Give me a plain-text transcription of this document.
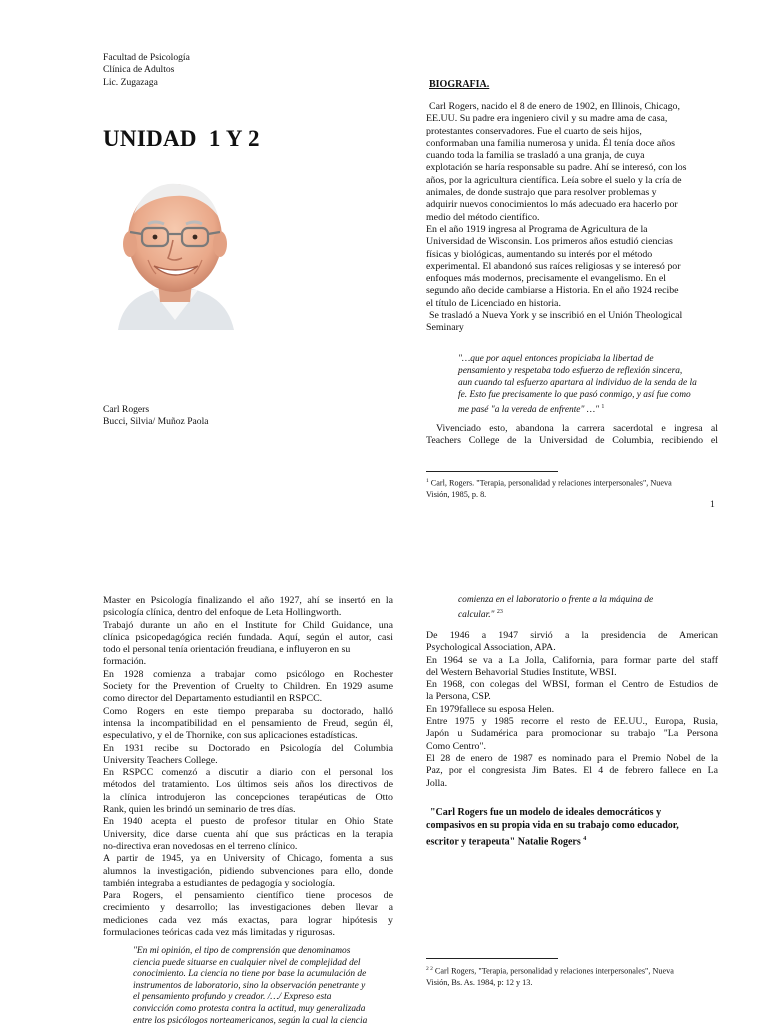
Facultad de Psicología
Clínica de Adultos
Lic. Zugazaga
UNIDAD  1 Y 2
Carl Rogers
Bucci, Silvia/ Muñoz Paola
BIOGRAFIA.
Carl Rogers, nacido el 8 de enero de 1902, en Illinois, Chicago,
EE.UU. Su padre era ingeniero civil y su madre ama de casa,
protestantes conservadores. Fue el cuarto de seis hijos,
conformaban una familia numerosa y unida. Él tenía doce años
cuando toda la familia se trasladó a una granja, de cuya
explotación se haría responsable su padre. Ahí se interesó, con los
años, por la agricultura científica. Leía sobre el suelo y la cría de
animales, de donde sustrajo que para resolver problemas y
adquirir nuevos conocimientos lo más adecuado era hacerlo por
medio del método científico.
En el año 1919 ingresa al Programa de Agricultura de la
Universidad de Wisconsin. Los primeros años estudió ciencias
físicas y biológicas, aumentando su interés por el método
experimental. El abandonó sus raíces religiosas y se interesó por
enfoques más modernos, precisamente el evangelismo. En el
segundo año decide cambiarse a Historia. En el año 1924 recibe
el título de Licenciado en historia.
Se trasladó a Nueva York y se inscribió en el Unión Theological
Seminary
"…que por aquel entonces propiciaba la libertad de
pensamiento y respetaba todo esfuerzo de reflexión sincera,
aun cuando tal esfuerzo apartara al individuo de la senda de la
fe. Esto fue precisamente lo que pasó conmigo, y así fue como
me pasé "a la vereda de enfrente" …" $^1$
Vivenciado esto, abandona la carrera sacerdotal e ingresa al
Teachers College de la Universidad de Columbia, recibiendo el
$^1$ Carl, Rogers. "Terapia, personalidad y relaciones interpersonales", Nueva
Visión, 1985, p. 8.
1
Master en Psicología finalizando el año 1927, ahí se insertó en la
psicología clínica, dentro del enfoque de Leta Hollingworth.
Trabajó durante un año en el Institute for Child Guidance, una
clínica psicopedagógica recién fundada. Aquí, según el autor, casi
todo el personal tenía orientación freudiana, e influyeron en su
formación.
En 1928 comienza a trabajar como psicólogo en Rochester
Society for the Prevention of Cruelty to Children. En 1929 asume
como director del Departamento estudiantil en RSPCC.
Como Rogers en este tiempo preparaba su doctorado, halló
intensa la incompatibilidad en el pensamiento de Freud, según él,
especulativo, y el de Thornike, con sus aplicaciones estadísticas.
En 1931 recibe su Doctorado en Psicología del Columbia
University Teachers College.
En RSPCC comenzó a discutir a diario con el personal los
métodos del tratamiento. Los últimos seis años los directivos de
la clínica introdujeron las concepciones terapéuticas de Otto
Rank, quien les brindó un seminario de tres días.
En 1940 acepta el puesto de profesor titular en Ohio State
University, dice darse cuenta ahí que sus prácticas en la terapia
no-directiva eran novedosas en el terreno clínico.
A partir de 1945, ya en University of Chicago, fomenta a sus
alumnos la investigación, pidiendo subvenciones para ello, donde
también integraba a estudiantes de pedagogía y sociología.
Para Rogers, el pensamiento científico tiene procesos de
crecimiento y desarrollo; las investigaciones deben llevar a
mediciones cada vez más exactas, para lograr hipótesis y
formulaciones teóricas cada vez más limitadas y rigurosas.
"En mi opinión, el tipo de comprensión que denominamos
ciencia puede situarse en cualquier nivel de complejidad del
conocimiento. La ciencia no tiene por base la acumulación de
instrumentos de laboratorio, sino la observación penetrante y
el pensamiento profundo y creador. /…/ Expreso esta
convicción como protesta contra la actitud, muy generalizada
entre los psicólogos norteamericanos, según la cual la ciencia
comienza en el laboratorio o frente a la máquina de
calcular." $^{23}$
De 1946 a 1947 sirvió a la presidencia de American
Psychological Association, APA.
En 1964 se va a La Jolla, California, para formar parte del staff
del Western Behavorial Studies Institute, WBSI.
En 1968, con colegas del WBSI, forman el Centro de Estudios de
la Persona, CSP.
En 1979fallece su esposa Helen.
Entre 1975 y 1985 recorre el resto de EE.UU., Europa, Rusia,
Japón u Sudamérica para promocionar su trabajo "La Persona
Como Centro".
El 28 de enero de 1987 es nominado para el Premio Nobel de la
Paz, por el congresista Jim Bates. El 4 de febrero fallece en La
Jolla.
"Carl Rogers fue un modelo de ideales democráticos y
compasivos en su propia vida en su trabajo como educador,
escritor y terapeuta" Natalie Rogers $^4$
$^{2 2}$ Carl Rogers, "Terapia, personalidad y relaciones interpersonales", Nueva
Visión, Bs. As. 1984, p: 12 y 13.
